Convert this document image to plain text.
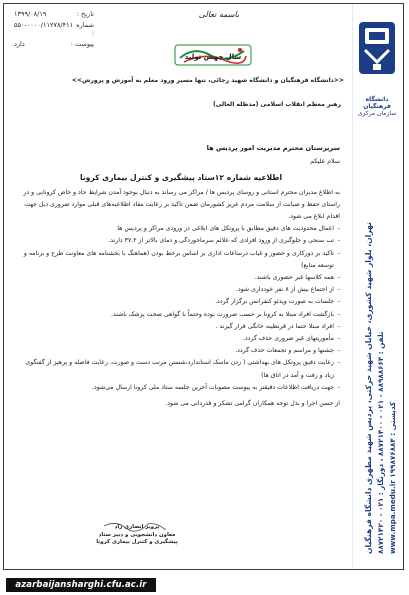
تاریخ :
۱۳۹۹/۰۸/۱۹
شماره :
۵۵۰-۰۰۰۰/۱۱۲۷۸/۴۱۱
پیوست :
دارد
باسمه تعالی
سال جهش تولید
<<دانشگاه فرهنگیان و دانشگاه شهید رجائی، تنها مسیر ورود معلم به آموزش و پرورش>>
رهبر معظم انقلاب اسلامی (مدظله العالی)
دانشگاه فرهنگیان
سازمان مرکزی
تهران، بلوار شهید کشوری، خیابان شهید حرکتی، پردیس شهید مطهری دانشگاه فرهنگیان تلفن : ۸۸۹۸۸۶۶۴ - ۰۲۱ - ۸۸۷۲۱۴۰۰ ، دورنگار : ۰۲۱ - ۸۸۷۲۱۴۲۰
www.mpa.medu.ir کدپستی : ۱۹۹۸۷۶۸۸۴

سرپرستان محترم مدیریت امور پردیس ها

سلام علیکم

اطلاعیه شماره ۱۲ستاد پیشگیری و کنترل بیماری کرونا

به اطلاع مدیران محترم استانی و روسای پردیس ها / مراکز می رساند به دنبال بوجود آمدن شرایط حاد و خاص کرونایی و در راستای حفظ و صیانت از سلامت مردم عزیز کشورمان ضمن تاکید بر رعایت مفاد اطلاعیه‌های قبلی موارد ضروری ذیل جهت اقدام ابلاغ می شود.

- اعمال محدودیت های دقیق مطابق با پروتکل های ابلاغی در ورودی مراکز و پردیس ها
- تب سنجی و جلوگیری از ورود افرادی که علائم سرماخوردگی و دمای بالاتر از ۳۷.۲ دارند.
- تاکید بر دورکاری و حضور و غیاب درساعات اداری بر اساس برخط بودن (هماهنگ با بخشنامه های معاونت طرح و برنامه و توسعه منابع)
- همه کلاسها غیر حضوری باشند.
- از اجتماع بیش از ۸ نفر خودداری شود.
- جلسات به صورت ویدئو کنفرانس برگزار گردد.
- بازگشت افراد مبتلا به کرونا بر حسب ضرورت بوده وحتماً با گواهی صحت پزشک باشند.
- افراد مبتلا حتما در قرنطینه خانگی قرار گیرند .
- مأموریتهای غیر ضروری حذف گردد.
- جشنها و مراسم و تجمعات حذف گردد.
- رعایت دقیق پروتکل های بهداشتی ( زدن ماسک استاندارد،شستن مرتب دست و صورت، رعایت فاصله و پرهیز از گفتگوی زیاد و رفت و آمد در اتاق ها)
- جهت دریافت اطلاعات دقیقتر به پیوست مصوبات آخرین جلسه ستاد ملی کرونا ارسال می‌شود.

از حسن اجرا و بذل توجه همکاران گرامی تشکر و قدردانی می شود.

پرویز انصاری راد
معاون دانشجویی و دبیر ستاد
پیشگیری و کنترل بیماری کرونا
azarbaijansharghi.cfu.ac.ir
